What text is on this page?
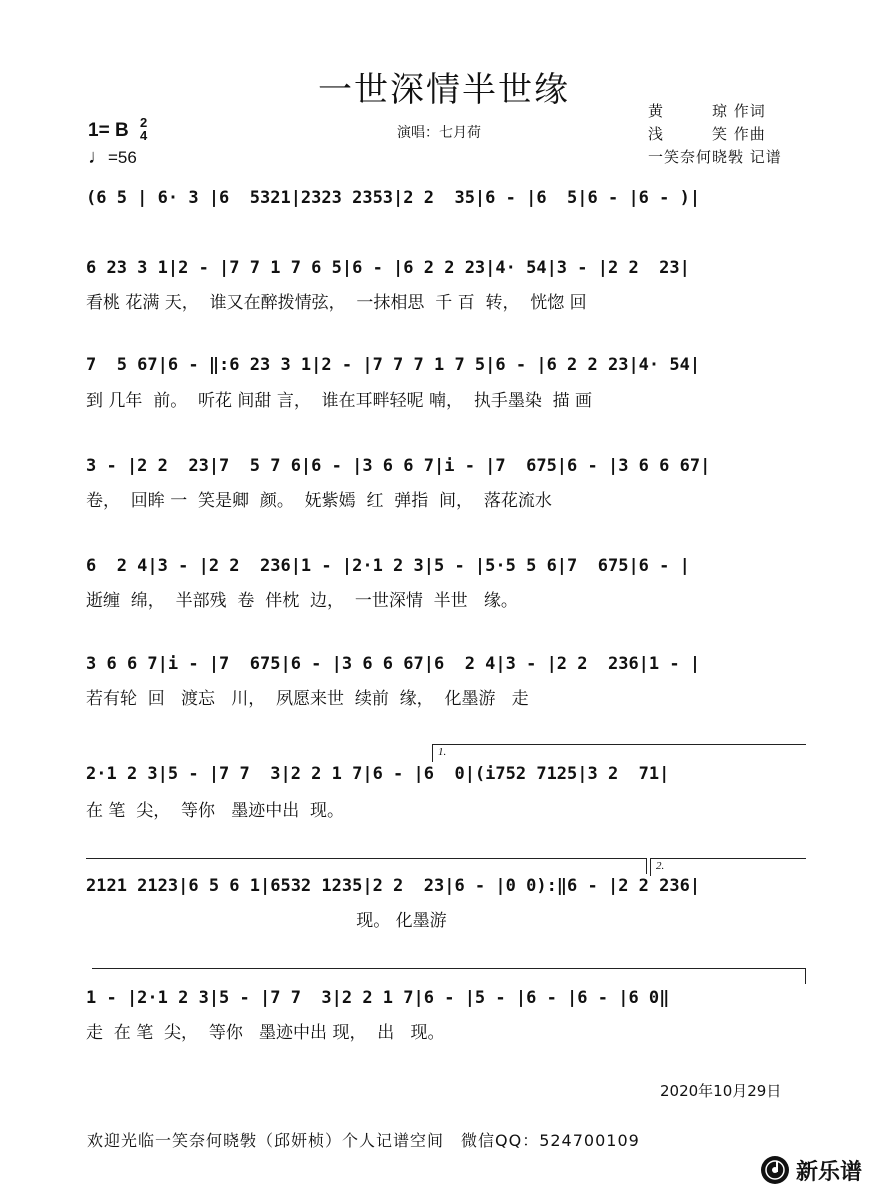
一世深情半世缘
1= B 2
4
♩=56
演唱：七月荷
黄　　　琼 作词
浅　　　笑 作曲
一笑奈何晓斅 记谱
(6 5 | 6· 3 |6  5321|2323 2353|2 2  35|6 - |6  5|6 - |6 - )|
6 23 3 1|2 - |7 7 1 7 6 5|6 - |6 2 2 23|4· 54|3 - |2 2  23|
看桃 花满 天，  谁又在醉拨情弦，  一抹相思  千 百  转，  恍惚 回
7  5 67|6 - ‖:6 23 3 1|2 - |7 7 7 1 7 5|6 - |6 2 2 23|4· 54|
到 几年  前。  听花 间甜 言，  谁在耳畔轻呢 喃，  执手墨染  描 画
3 - |2 2  23|7  5 7 6|6 - |3 6 6 7|i - |7  675|6 - |3 6 6 67|
卷，  回眸 一  笑是卿  颜。  妩紫嫣  红  弹指  间，  落花流水
6  2 4|3 - |2 2  236|1 - |2·1 2 3|5 - |5·5 5 6|7  675|6 - |
逝缠  绵，  半部残  卷  伴枕  边，  一世深情  半世   缘。
3 6 6 7|i - |7  675|6 - |3 6 6 67|6  2 4|3 - |2 2  236|1 - |
若有轮  回   渡忘   川，  夙愿来世  续前  缘，  化墨游   走
1.
2·1 2 3|5 - |7 7  3|2 2 1 7|6 - |6  0|(i752 7125|3 2  71|
在 笔  尖，  等你   墨迹中出  现。
2.
2121 2123|6 5 6 1|6532 1235|2 2  23|6 - |0 0):‖6 - |2 2 236|
现。 化墨游
1 - |2·1 2 3|5 - |7 7  3|2 2 1 7|6 - |5 - |6 - |6 - |6 0‖
走  在 笔  尖，  等你   墨迹中出 现，  出   现。
2020年10月29日
欢迎光临一笑奈何晓斅（邱妍桢）个人记谱空间　微信QQ：524700109
新乐谱
